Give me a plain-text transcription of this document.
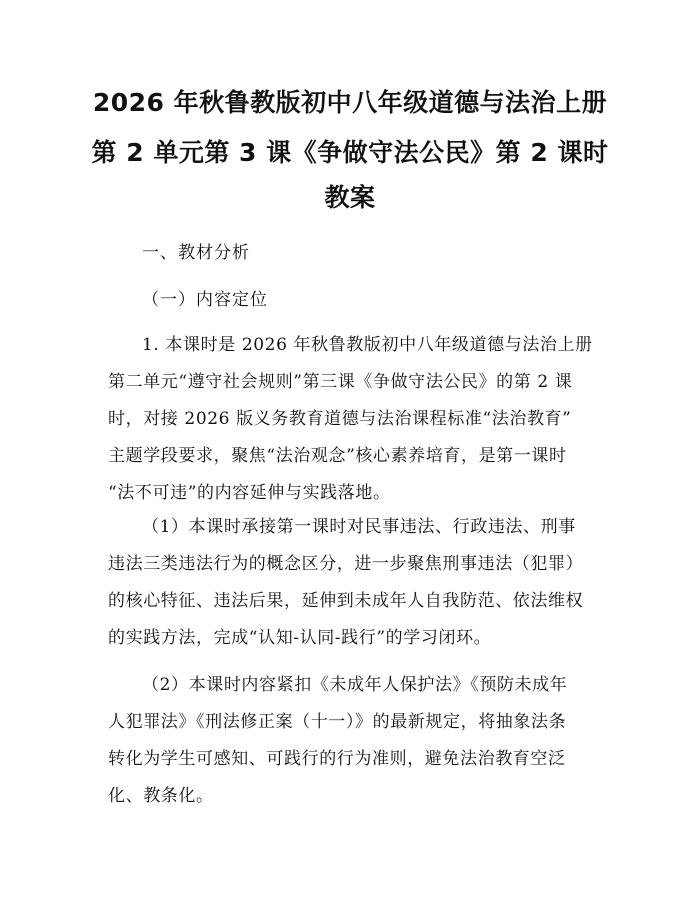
2026 年秋鲁教版初中八年级道德与法治上册
第 2 单元第 3 课《争做守法公民》第 2 课时
教案
一、教材分析
（一）内容定位
1. 本课时是 2026 年秋鲁教版初中八年级道德与法治上册
第二单元“遵守社会规则”第三课《争做守法公民》的第 2 课
时，对接 2026 版义务教育道德与法治课程标准“法治教育”
主题学段要求，聚焦“法治观念”核心素养培育，是第一课时
“法不可违”的内容延伸与实践落地。
（1）本课时承接第一课时对民事违法、行政违法、刑事
违法三类违法行为的概念区分，进一步聚焦刑事违法（犯罪）
的核心特征、违法后果，延伸到未成年人自我防范、依法维权
的实践方法，完成“认知-认同-践行”的学习闭环。
（2）本课时内容紧扣《未成年人保护法》《预防未成年
人犯罪法》《刑法修正案（十一）》的最新规定，将抽象法条
转化为学生可感知、可践行的行为准则，避免法治教育空泛
化、教条化。
